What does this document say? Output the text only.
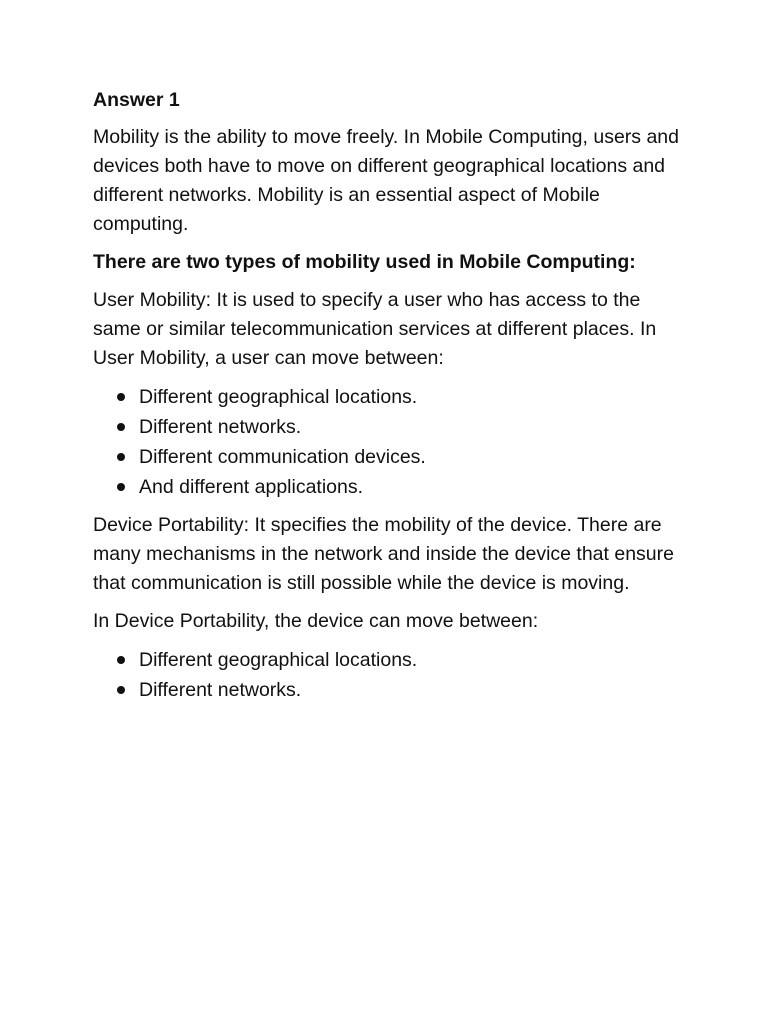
Answer 1

Mobility is the ability to move freely. In Mobile Computing, users and devices both have to move on different geographical locations and different networks. Mobility is an essential aspect of Mobile computing.

There are two types of mobility used in Mobile Computing:

User Mobility: It is used to specify a user who has access to the same or similar telecommunication services at different places. In User Mobility, a user can move between:

Different geographical locations.
Different networks.
Different communication devices.
And different applications.

Device Portability: It specifies the mobility of the device. There are many mechanisms in the network and inside the device that ensure that communication is still possible while the device is moving.

In Device Portability, the device can move between:

Different geographical locations.
Different networks.
